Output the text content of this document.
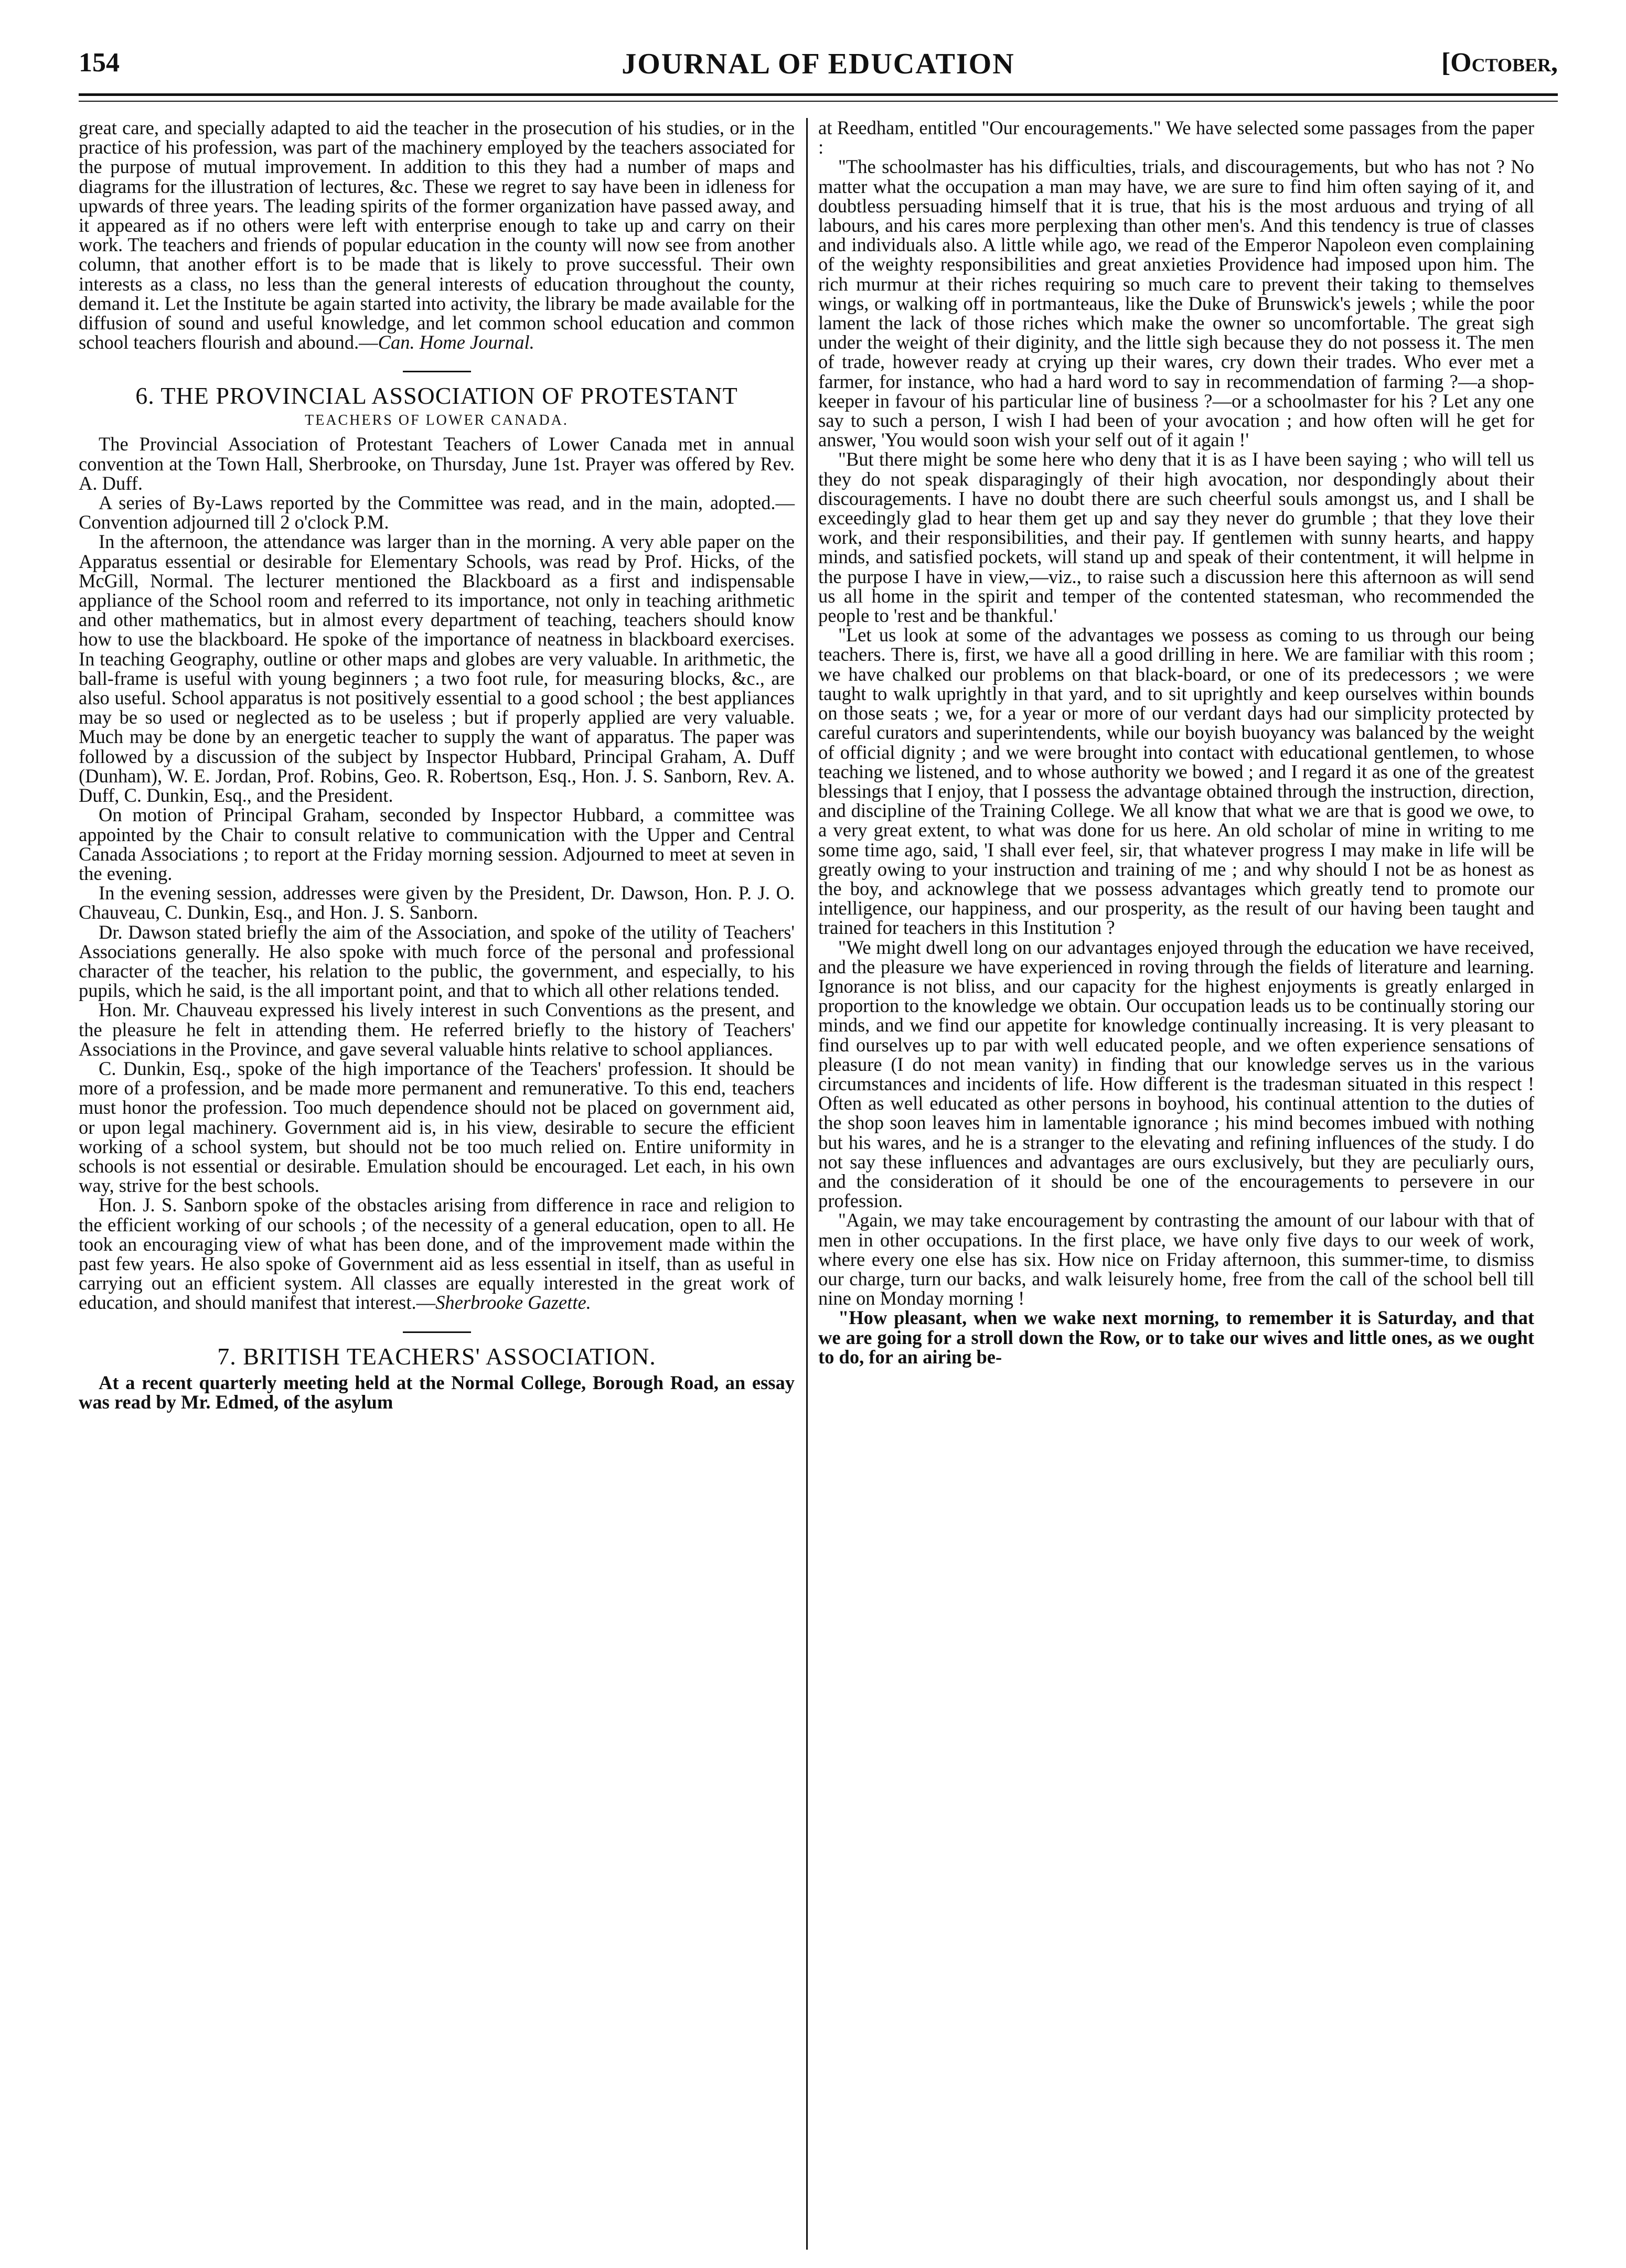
JOURNAL OF EDUCATION
154	[October,

great care, and specially adapted to aid the teacher in the prosecution of his studies, or in the practice of his profession, was part of the machinery employed by the teachers associated for the purpose of mutual improvement. In addition to this they had a number of maps and diagrams for the illustration of lectures, &c. These we regret to say have been in idleness for upwards of three years. The leading spirits of the former organization have passed away, and it appeared as if no others were left with enterprise enough to take up and carry on their work. The teachers and friends of popular education in the county will now see from another column, that another effort is to be made that is likely to prove successful. Their own interests as a class, no less than the general interests of education throughout the county, demand it. Let the Institute be again started into activity, the library be made available for the diffusion of sound and useful knowledge, and let common school education and common school teachers flourish and abound.—Can. Home Journal.

6. THE PROVINCIAL ASSOCIATION OF PROTESTANT
TEACHERS OF LOWER CANADA.

The Provincial Association of Protestant Teachers of Lower Canada met in annual convention at the Town Hall, Sherbrooke, on Thursday, June 1st. Prayer was offered by Rev. A. Duff.

A series of By-Laws reported by the Committee was read, and in the main, adopted.—Convention adjourned till 2 o'clock P.M.

In the afternoon, the attendance was larger than in the morning. A very able paper on the Apparatus essential or desirable for Elementary Schools, was read by Prof. Hicks, of the McGill, Normal. The lecturer mentioned the Blackboard as a first and indispensable appliance of the School room and referred to its importance, not only in teaching arithmetic and other mathematics, but in almost every department of teaching, teachers should know how to use the blackboard. He spoke of the importance of neatness in blackboard exercises. In teaching Geography, outline or other maps and globes are very valuable. In arithmetic, the ball-frame is useful with young beginners ; a two foot rule, for measuring blocks, &c., are also useful. School apparatus is not positively essential to a good school ; the best appliances may be so used or neglected as to be useless ; but if properly applied are very valuable. Much may be done by an energetic teacher to supply the want of apparatus. The paper was followed by a discussion of the subject by Inspector Hubbard, Principal Graham, A. Duff (Dunham), W. E. Jordan, Prof. Robins, Geo. R. Robertson, Esq., Hon. J. S. Sanborn, Rev. A. Duff, C. Dunkin, Esq., and the President.

On motion of Principal Graham, seconded by Inspector Hubbard, a committee was appointed by the Chair to consult relative to communication with the Upper and Central Canada Associations ; to report at the Friday morning session. Adjourned to meet at seven in the evening.

In the evening session, addresses were given by the President, Dr. Dawson, Hon. P. J. O. Chauveau, C. Dunkin, Esq., and Hon. J. S. Sanborn.

Dr. Dawson stated briefly the aim of the Association, and spoke of the utility of Teachers' Associations generally. He also spoke with much force of the personal and professional character of the teacher, his relation to the public, the government, and especially, to his pupils, which he said, is the all important point, and that to which all other relations tended.

Hon. Mr. Chauveau expressed his lively interest in such Conventions as the present, and the pleasure he felt in attending them. He referred briefly to the history of Teachers' Associations in the Province, and gave several valuable hints relative to school appliances.

C. Dunkin, Esq., spoke of the high importance of the Teachers' profession. It should be more of a profession, and be made more permanent and remunerative. To this end, teachers must honor the profession. Too much dependence should not be placed on government aid, or upon legal machinery. Government aid is, in his view, desirable to secure the efficient working of a school system, but should not be too much relied on. Entire uniformity in schools is not essential or desirable. Emulation should be encouraged. Let each, in his own way, strive for the best schools.

Hon. J. S. Sanborn spoke of the obstacles arising from difference in race and religion to the efficient working of our schools ; of the necessity of a general education, open to all. He took an encouraging view of what has been done, and of the improvement made within the past few years. He also spoke of Government aid as less essential in itself, than as useful in carrying out an efficient system. All classes are equally interested in the great work of education, and should manifest that interest.—Sherbrooke Gazette.

7. BRITISH TEACHERS' ASSOCIATION.

At a recent quarterly meeting held at the Normal College, Borough Road, an essay was read by Mr. Edmed, of the asylum

at Reedham, entitled "Our encouragements." We have selected some passages from the paper :

"The schoolmaster has his difficulties, trials, and discouragements, but who has not ? No matter what the occupation a man may have, we are sure to find him often saying of it, and doubtless persuading himself that it is true, that his is the most arduous and trying of all labours, and his cares more perplexing than other men's. And this tendency is true of classes and individuals also. A little while ago, we read of the Emperor Napoleon even complaining of the weighty responsibilities and great anxieties Providence had imposed upon him. The rich murmur at their riches requiring so much care to prevent their taking to themselves wings, or walking off in portmanteaus, like the Duke of Brunswick's jewels ; while the poor lament the lack of those riches which make the owner so uncomfortable. The great sigh under the weight of their diginity, and the little sigh because they do not possess it. The men of trade, however ready at crying up their wares, cry down their trades. Who ever met a farmer, for instance, who had a hard word to say in recommendation of farming ?—a shop-keeper in favour of his particular line of business ?—or a schoolmaster for his ? Let any one say to such a person, I wish I had been of your avocation ; and how often will he get for answer, 'You would soon wish your self out of it again !'

"But there might be some here who deny that it is as I have been saying ; who will tell us they do not speak disparagingly of their high avocation, nor despondingly about their discouragements. I have no doubt there are such cheerful souls amongst us, and I shall be exceedingly glad to hear them get up and say they never do grumble ; that they love their work, and their responsibilities, and their pay. If gentlemen with sunny hearts, and happy minds, and satisfied pockets, will stand up and speak of their contentment, it will helpme in the purpose I have in view,—viz., to raise such a discussion here this afternoon as will send us all home in the spirit and temper of the contented statesman, who recommended the people to 'rest and be thankful.'

"Let us look at some of the advantages we possess as coming to us through our being teachers. There is, first, we have all a good drilling in here. We are familiar with this room ; we have chalked our problems on that black-board, or one of its predecessors ; we were taught to walk uprightly in that yard, and to sit uprightly and keep ourselves within bounds on those seats ; we, for a year or more of our verdant days had our simplicity protected by careful curators and superintendents, while our boyish buoyancy was balanced by the weight of official dignity ; and we were brought into contact with educational gentlemen, to whose teaching we listened, and to whose authority we bowed ; and I regard it as one of the greatest blessings that I enjoy, that I possess the advantage obtained through the instruction, direction, and discipline of the Training College. We all know that what we are that is good we owe, to a very great extent, to what was done for us here. An old scholar of mine in writing to me some time ago, said, 'I shall ever feel, sir, that whatever progress I may make in life will be greatly owing to your instruction and training of me ; and why should I not be as honest as the boy, and acknowlege that we possess advantages which greatly tend to promote our intelligence, our happiness, and our prosperity, as the result of our having been taught and trained for teachers in this Institution ?

"We might dwell long on our advantages enjoyed through the education we have received, and the pleasure we have experienced in roving through the fields of literature and learning. Ignorance is not bliss, and our capacity for the highest enjoyments is greatly enlarged in proportion to the knowledge we obtain. Our occupation leads us to be continually storing our minds, and we find our appetite for knowledge continually increasing. It is very pleasant to find ourselves up to par with well educated people, and we often experience sensations of pleasure (I do not mean vanity) in finding that our knowledge serves us in the various circumstances and incidents of life. How different is the tradesman situated in this respect ! Often as well educated as other persons in boyhood, his continual attention to the duties of the shop soon leaves him in lamentable ignorance ; his mind becomes imbued with nothing but his wares, and he is a stranger to the elevating and refining influences of the study. I do not say these influences and advantages are ours exclusively, but they are peculiarly ours, and the consideration of it should be one of the encouragements to persevere in our profession.

"Again, we may take encouragement by contrasting the amount of our labour with that of men in other occupations. In the first place, we have only five days to our week of work, where every one else has six. How nice on Friday afternoon, this summer-time, to dismiss our charge, turn our backs, and walk leisurely home, free from the call of the school bell till nine on Monday morning !

"How pleasant, when we wake next morning, to remember it is Saturday, and that we are going for a stroll down the Row, or to take our wives and little ones, as we ought to do, for an airing be-
